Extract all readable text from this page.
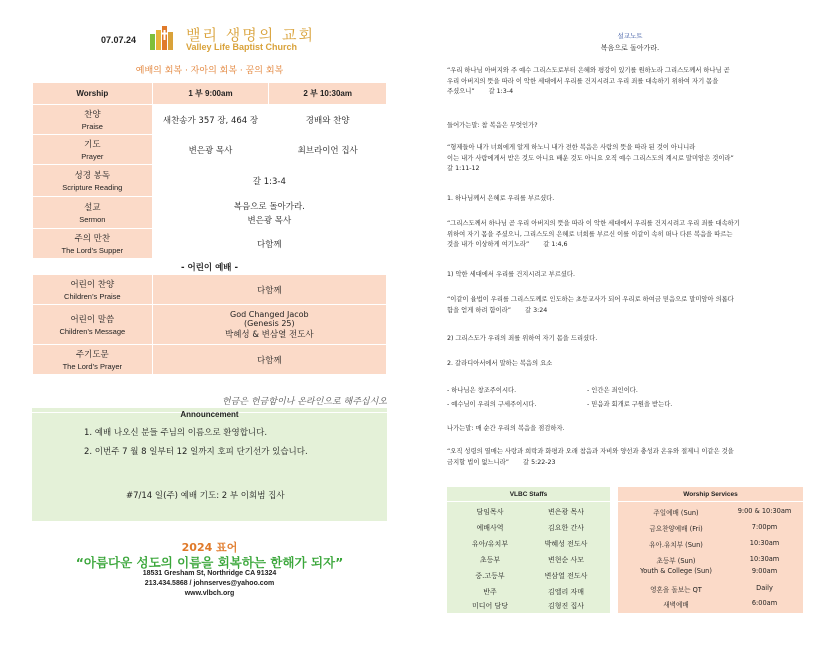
07.07.24	밸리 생명의 교회
Valley Life Baptist Church
예배의 회복 · 자아의 회복 · 꿈의 회복
Worship	1 부 9:00am	2 부 10:30am

찬양
Praise	새찬송가 357 장, 464 장	경배와 찬양

기도
Prayer	변은광 목사	최브라이언 집사

성경 봉독
Scripture Reading	갈 1:3-4	

설교
Sermon	복음으로 돌아가라.
변은광 목사	

주의 만찬
The Lord’s Supper	다함께	
- 어린이 예배 -		

어린이 찬양
Children’s Praise	다함께	

어린이 말씀
Children’s Message	God Changed Jacob
(Genesis 25)
박혜성 & 변삼열 전도사	

주기도문
The Lord’s Prayer	다함께	
헌금은 헌금함이나 온라인으로 해주십시오
Announcement
1. 예배 나오신 분들 주님의 이름으로 환영합니다.
2. 이번주 7 월 8 일부터 12 일까지 호피 단기선가 있습니다.
#7/14 일(주) 예배 기도: 2 부 이회범 집사
2024 표어
“아름다운 성도의 이름을 회복하는 한해가 되자”
18531 Gresham St, Northridge CA 91324
213.434.5868 / johnserves@yahoo.com
www.vlbch.org
설교노트
복음으로 돌아가라.
“우리 하나님 아버지와 주 예수 그리스도로부터 은혜와 평강이 있기를 원하노라 그리스도께서 하나님 곧
우리 아버지의 뜻을 따라 이 악한 세대에서 우리를 건지시려고 우리 죄를 대속하기 위하여 자기 몸을
주셨으니” 갈 1:3-4
들어가는말: 참 복음은 무엇인가?
“형제들아 내가 너희에게 알게 하노니 내가 전한 복음은 사람의 뜻을 따라 된 것이 아니니라
이는 내가 사람에게서 받은 것도 아니요 배운 것도 아니요 오직 예수 그리스도의 계시로 말미암은 것이라”
갈 1:11-12
1. 하나님께서 은혜로 우리를 부르셨다.
“그리스도께서 하나님 곧 우리 아버지의 뜻을 따라 이 악한 세대에서 우리를 건지시려고 우리 죄를 대속하기
위하여 자기 몸을 주셨으니, 그리스도의 은혜로 너희를 부르신 이를 이같이 속히 떠나 다른 복음을 따르는
것을 내가 이상하게 여기노라” 갈 1:4,6
1) 악한 세대에서 우리를 건지시려고 부르셨다.
“이같이 율법이 우리를 그리스도께로 인도하는 초등교사가 되어 우리로 하여금 믿음으로 말미암아 의롭다
함을 얻게 하려 함이라” 갈 3:24
2) 그리스도가 우리의 죄를 위하여 자기 몸을 드리셨다.
2. 갈라디아서에서 말하는 복음의 요소
- 하나님은 창조주이시다.	- 인간은 죄인이다.
- 예수님이 우리의 구세주이시다.	- 믿음과 회개로 구원을 받는다.
나가는말: 매 순간 우리의 복음을 점검하자.
“오직 성령의 열매는 사랑과 희락과 화평과 오래 참음과 자비와 양선과 충성과 온유와 절제니 이같은 것을
금지할 법이 없느니라” 갈 5:22-23
VLBC Staffs
담임목사	변은광 목사
예배사역	김요한 간사
유아/유치부	박혜성 전도사
초등부	변현순 사모
중.고등부	변삼열 전도사
반주	김엘리 자매
미디어 담당	김형진 집사
Worship Services
주일예배 (Sun)	9:00 & 10:30am
금요찬양예배 (Fri)	7:00pm
유아.유치부 (Sun)	10:30am
초등부 (Sun)	10:30am
Youth & College (Sun)	9:00am
영혼을 돌보는 QT	Daily
새벽예배	6:00am
